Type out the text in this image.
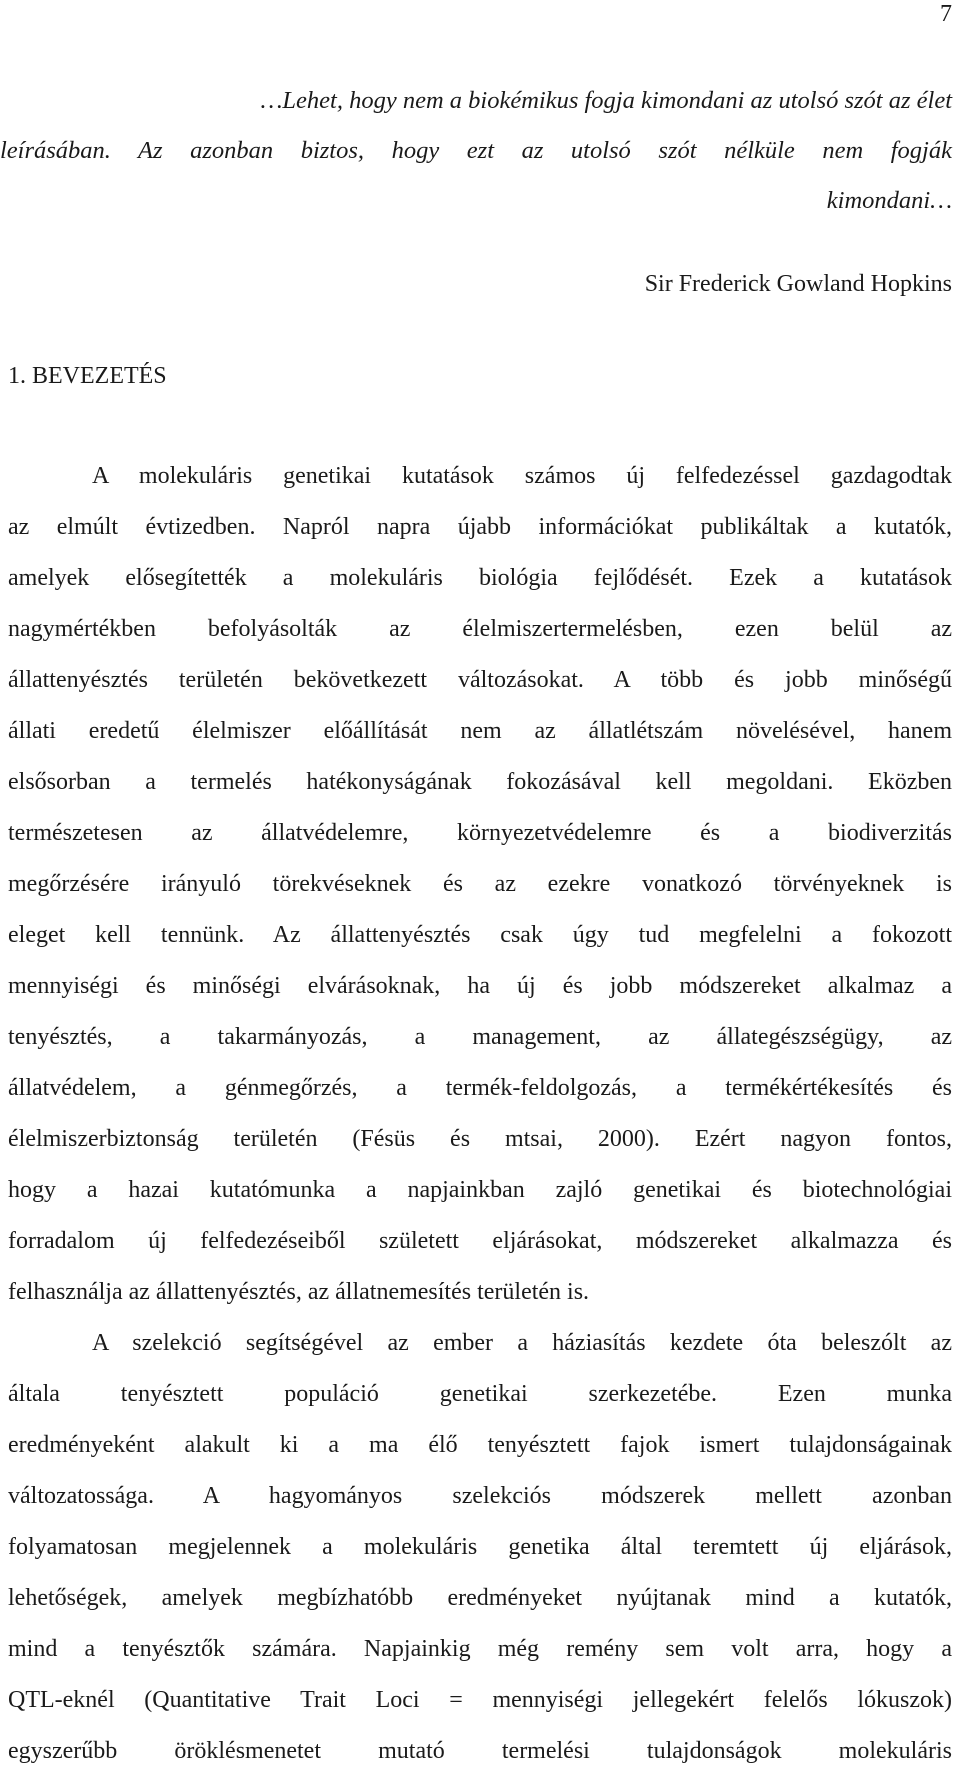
7
…Lehet, hogy nem a biokémikus fogja kimondani az utolsó szót az élet
leírásában. Az azonban biztos, hogy ezt az utolsó szót nélküle nem fogják
kimondani…
Sir Frederick Gowland Hopkins
1. BEVEZETÉS
A molekuláris genetikai kutatások számos új felfedezéssel gazdagodtak
az elmúlt évtizedben. Napról napra újabb információkat publikáltak a kutatók,
amelyek elősegítették a molekuláris biológia fejlődését. Ezek a kutatások
nagymértékben befolyásolták az élelmiszertermelésben, ezen belül az
állattenyésztés területén bekövetkezett változásokat. A több és jobb minőségű
állati eredetű élelmiszer előállítását nem az állatlétszám növelésével, hanem
elsősorban a termelés hatékonyságának fokozásával kell megoldani. Eközben
természetesen az állatvédelemre, környezetvédelemre és a biodiverzitás
megőrzésére irányuló törekvéseknek és az ezekre vonatkozó törvényeknek is
eleget kell tennünk. Az állattenyésztés csak úgy tud megfelelni a fokozott
mennyiségi és minőségi elvárásoknak, ha új és jobb módszereket alkalmaz a
tenyésztés, a takarmányozás, a management, az állategészségügy, az
állatvédelem, a génmegőrzés, a termék-feldolgozás, a termékértékesítés és
élelmiszerbiztonság területén (Fésüs és mtsai, 2000). Ezért nagyon fontos,
hogy a hazai kutatómunka a napjainkban zajló genetikai és biotechnológiai
forradalom új felfedezéseiből született eljárásokat, módszereket alkalmazza és
felhasználja az állattenyésztés, az állatnemesítés területén is.
A szelekció segítségével az ember a háziasítás kezdete óta beleszólt az
általa tenyésztett populáció genetikai szerkezetébe. Ezen munka
eredményeként alakult ki a ma élő tenyésztett fajok ismert tulajdonságainak
változatossága. A hagyományos szelekciós módszerek mellett azonban
folyamatosan megjelennek a molekuláris genetika által teremtett új eljárások,
lehetőségek, amelyek megbízhatóbb eredményeket nyújtanak mind a kutatók,
mind a tenyésztők számára. Napjainkig még remény sem volt arra, hogy a
QTL-eknél (Quantitative Trait Loci = mennyiségi jellegekért felelős lókuszok)
egyszerűbb öröklésmenetet mutató termelési tulajdonságok molekuláris
